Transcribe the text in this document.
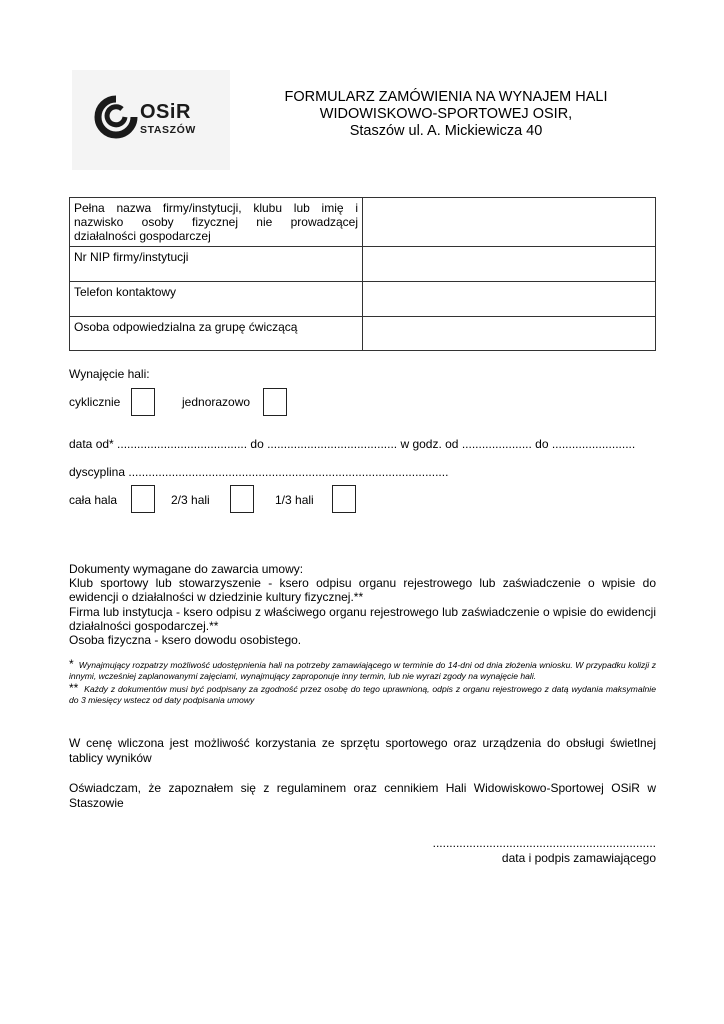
OSiR
STASZÓW
FORMULARZ ZAMÓWIENIA NA WYNAJEM HALI
WIDOWISKOWO-SPORTOWEJ OSIR,
Staszów ul. A. Mickiewicza 40
Pełna nazwa firmy/instytucji, klubu lub imię i nazwisko osoby fizycznej nie prowadzącej działalności gospodarczej	
Nr NIP firmy/instytucji	
Telefon kontaktowy	
Osoba odpowiedzialna za grupę ćwiczącą	
Wynajęcie hali:
cyklicznie	jednorazowo
data od* ....................................... do ....................................... w godz. od ..................... do .........................
dyscyplina ................................................................................................
cała hala	2/3 hali	1/3 hali

Dokumenty wymagane do zawarcia umowy:

Klub sportowy lub stowarzyszenie - ksero odpisu organu rejestrowego lub zaświadczenie o wpisie do ewidencji o działalności w dziedzinie kultury fizycznej.**

Firma lub instytucja - ksero odpisu z właściwego organu rejestrowego lub zaświadczenie o wpisie do ewidencji działalności gospodarczej.**

Osoba fizyczna - ksero dowodu osobistego.

* Wynajmujący rozpatrzy możliwość udostępnienia hali na potrzeby zamawiającego w terminie do 14-dni od dnia złożenia wniosku. W przypadku kolizji z innymi, wcześniej zaplanowanymi zajęciami, wynajmujący zaproponuje inny termin, lub nie wyrazi zgody na wynajęcie hali.

** Każdy z dokumentów musi być podpisany za zgodność przez osobę do tego uprawnioną, odpis z organu rejestrowego z datą wydania maksymalnie do 3 miesięcy wstecz od daty podpisania umowy

W cenę wliczona jest możliwość korzystania ze sprzętu sportowego oraz urządzenia do obsługi świetlnej tablicy wyników
Oświadczam, że zapoznałem się z regulaminem oraz cennikiem Hali Widowiskowo-Sportowej OSiR w Staszowie
...................................................................
data i podpis zamawiającego
